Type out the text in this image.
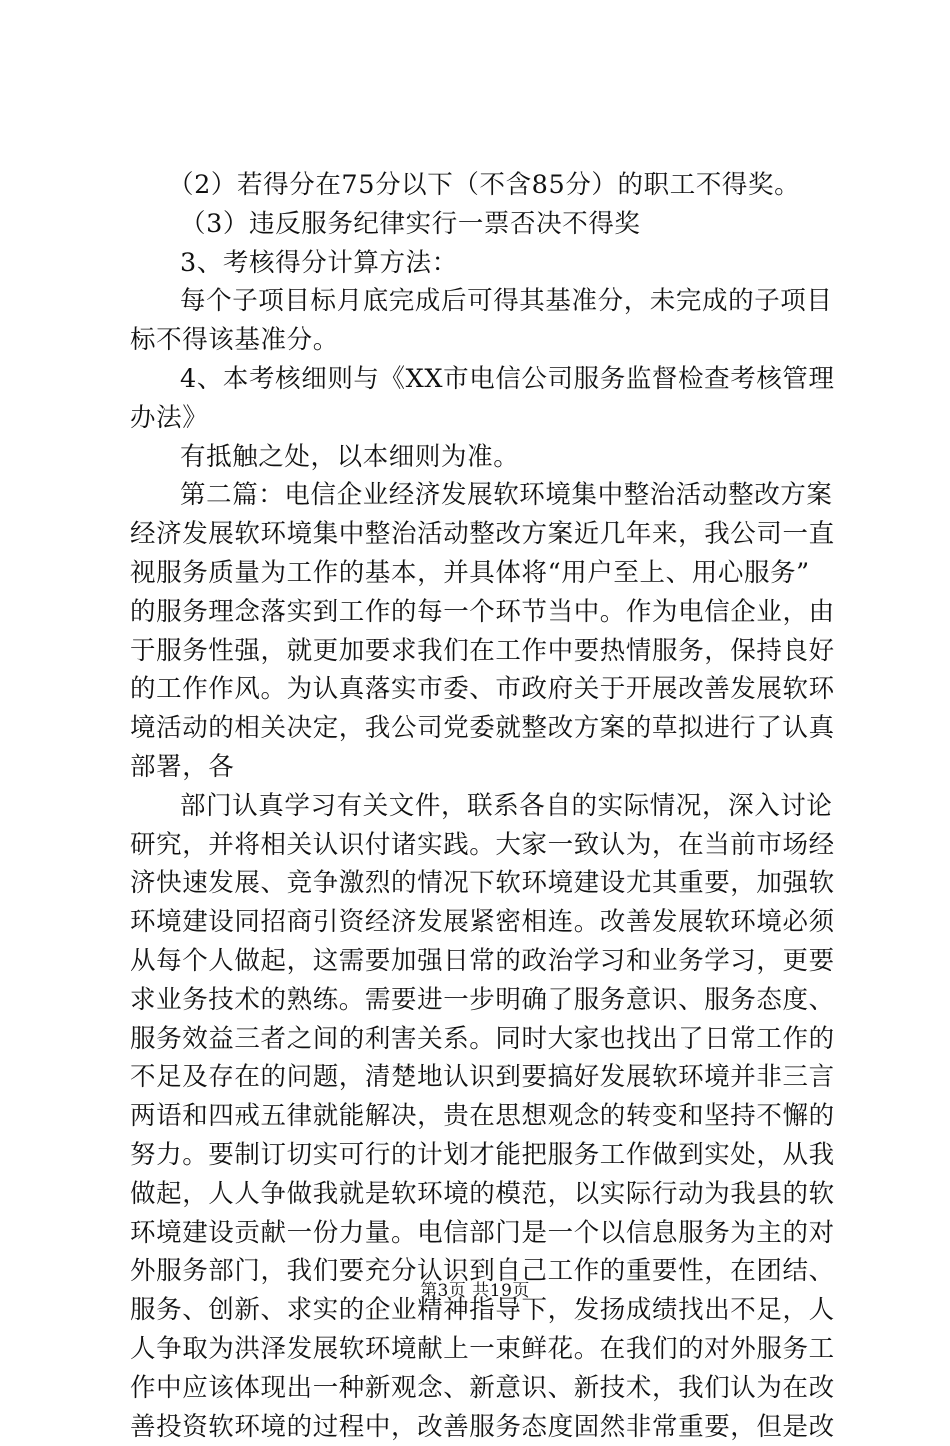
（2）若得分在75分以下（不含85分）的职工不得奖。
（3）违反服务纪律实行一票否决不得奖
3、考核得分计算方法：
每个子项目标月底完成后可得其基准分，未完成的子项目
标不得该基准分。
4、本考核细则与《XX市电信公司服务监督检查考核管理
办法》
有抵触之处，以本细则为准。
第二篇：电信企业经济发展软环境集中整治活动整改方案
经济发展软环境集中整治活动整改方案近几年来，我公司一直
视服务质量为工作的基本，并具体将“用户至上、用心服务”
的服务理念落实到工作的每一个环节当中。作为电信企业，由
于服务性强，就更加要求我们在工作中要热情服务，保持良好
的工作作风。为认真落实市委、市政府关于开展改善发展软环
境活动的相关决定，我公司党委就整改方案的草拟进行了认真
部署，各
部门认真学习有关文件，联系各自的实际情况，深入讨论
研究，并将相关认识付诸实践。大家一致认为，在当前市场经
济快速发展、竞争激烈的情况下软环境建设尤其重要，加强软
环境建设同招商引资经济发展紧密相连。改善发展软环境必须
从每个人做起，这需要加强日常的政治学习和业务学习，更要
求业务技术的熟练。需要进一步明确了服务意识、服务态度、
服务效益三者之间的利害关系。同时大家也找出了日常工作的
不足及存在的问题，清楚地认识到要搞好发展软环境并非三言
两语和四戒五律就能解决，贵在思想观念的转变和坚持不懈的
努力。要制订切实可行的计划才能把服务工作做到实处，从我
做起，人人争做我就是软环境的模范，以实际行动为我县的软
环境建设贡献一份力量。电信部门是一个以信息服务为主的对
外服务部门，我们要充分认识到自己工作的重要性，在团结、
服务、创新、求实的企业精神指导下，发扬成绩找出不足，人
人争取为洪泽发展软环境献上一束鲜花。在我们的对外服务工
作中应该体现出一种新观念、新意识、新技术，我们认为在改
善投资软环境的过程中，改善服务态度固然非常重要，但是改
第3页 共19页
